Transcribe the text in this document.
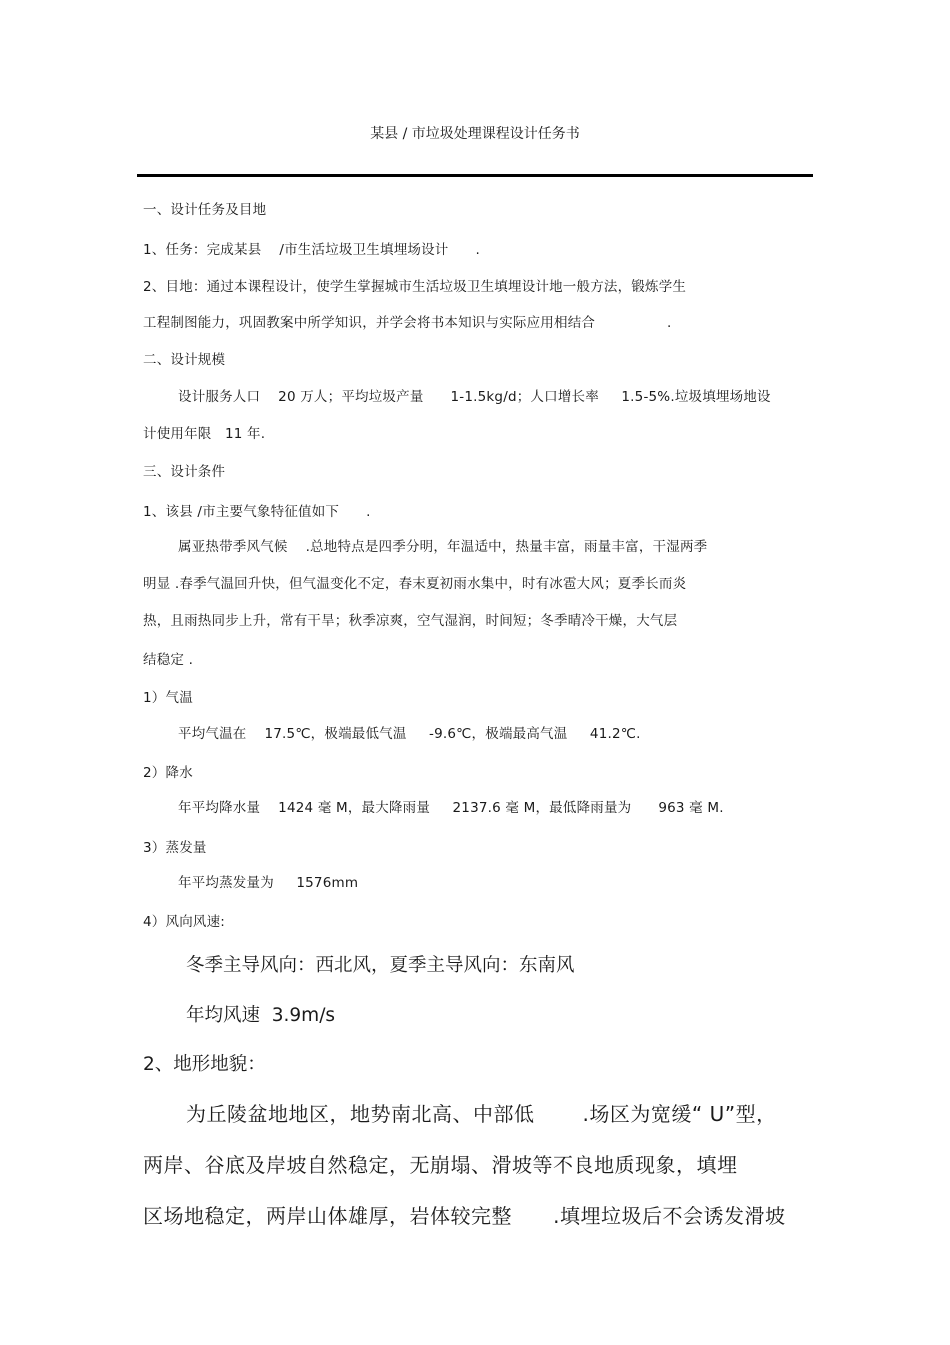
某县 / 市垃圾处理课程设计任务书
一、设计任务及目地
1、任务：完成某县    /市生活垃圾卫生填埋场设计      .
2、目地：通过本课程设计，使学生掌握城市生活垃圾卫生填埋设计地一般方法，锻炼学生
工程制图能力，巩固教案中所学知识，并学会将书本知识与实际应用相结合                .
二、设计规模
设计服务人口    20 万人；平均垃圾产量      1-1.5kg/d；人口增长率     1.5-5%.垃圾填埋场地设
计使用年限   11 年.
三、设计条件
1、该县 /市主要气象特征值如下      .
属亚热带季风气候    .总地特点是四季分明，年温适中，热量丰富，雨量丰富，干湿两季
明显 .春季气温回升快，但气温变化不定，春末夏初雨水集中，时有冰雹大风；夏季长而炎
热，且雨热同步上升，常有干旱；秋季凉爽，空气湿润，时间短；冬季晴冷干燥，大气层
结稳定 .
1）气温
平均气温在    17.5℃，极端最低气温     -9.6℃，极端最高气温     41.2℃.
2）降水
年平均降水量    1424 毫 M，最大降雨量     2137.6 毫 M，最低降雨量为      963 毫 M.
3）蒸发量
年平均蒸发量为     1576mm
4）风向风速:
冬季主导风向：西北风，夏季主导风向：东南风
年均风速  3.9m/s
2、地形地貌：
为丘陵盆地地区，地势南北高、中部低       .场区为宽缓“ U”型，
两岸、谷底及岸坡自然稳定，无崩塌、滑坡等不良地质现象，填埋
区场地稳定，两岸山体雄厚，岩体较完整      .填埋垃圾后不会诱发滑坡
